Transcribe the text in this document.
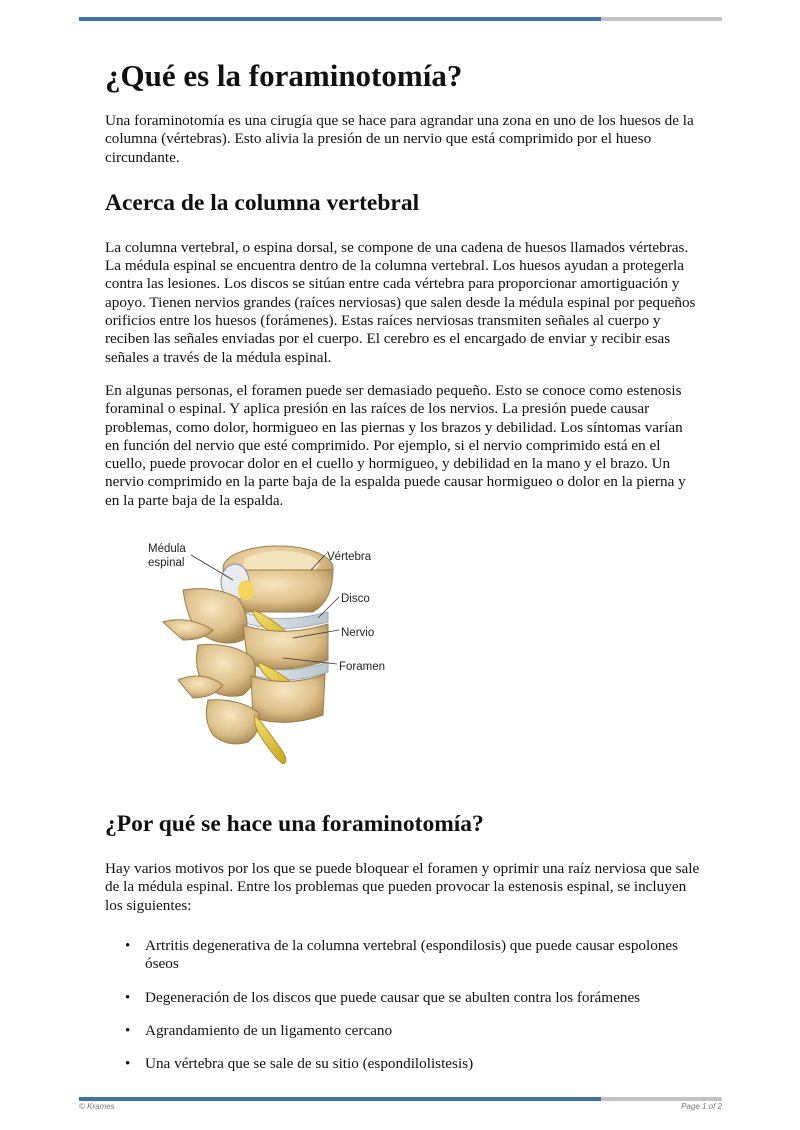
¿Qué es la foraminotomía?

Una foraminotomía es una cirugía que se hace para agrandar una zona en uno de los huesos de la columna (vértebras). Esto alivia la presión de un nervio que está comprimido por el hueso circundante.

Acerca de la columna vertebral

La columna vertebral, o espina dorsal, se compone de una cadena de huesos llamados vértebras. La médula espinal se encuentra dentro de la columna vertebral. Los huesos ayudan a protegerla contra las lesiones. Los discos se sitúan entre cada vértebra para proporcionar amortiguación y apoyo. Tienen nervios grandes (raíces nerviosas) que salen desde la médula espinal por pequeños orificios entre los huesos (forámenes). Estas raíces nerviosas transmiten señales al cuerpo y reciben las señales enviadas por el cuerpo. El cerebro es el encargado de enviar y recibir esas señales a través de la médula espinal.

En algunas personas, el foramen puede ser demasiado pequeño. Esto se conoce como estenosis foraminal o espinal. Y aplica presión en las raíces de los nervios. La presión puede causar problemas, como dolor, hormigueo en las piernas y los brazos y debilidad. Los síntomas varían en función del nervio que esté comprimido. Por ejemplo, si el nervio comprimido está en el cuello, puede provocar dolor en el cuello y hormigueo, y debilidad en la mano y el brazo. Un nervio comprimido en la parte baja de la espalda puede causar hormigueo o dolor en la pierna y en la parte baja de la espalda.

Médula
espinal	Vértebra
Disco
Nervio
Foramen
¿Por qué se hace una foraminotomía?

Hay varios motivos por los que se puede bloquear el foramen y oprimir una raíz nerviosa que sale de la médula espinal. Entre los problemas que pueden provocar la estenosis espinal, se incluyen los siguientes:

• Artritis degenerativa de la columna vertebral (espondilosis) que puede causar espolones óseos
• Degeneración de los discos que puede causar que se abulten contra los forámenes
• Agrandamiento de un ligamento cercano
• Una vértebra que se sale de su sitio (espondilolistesis)
© Krames	Page 1 of 2
